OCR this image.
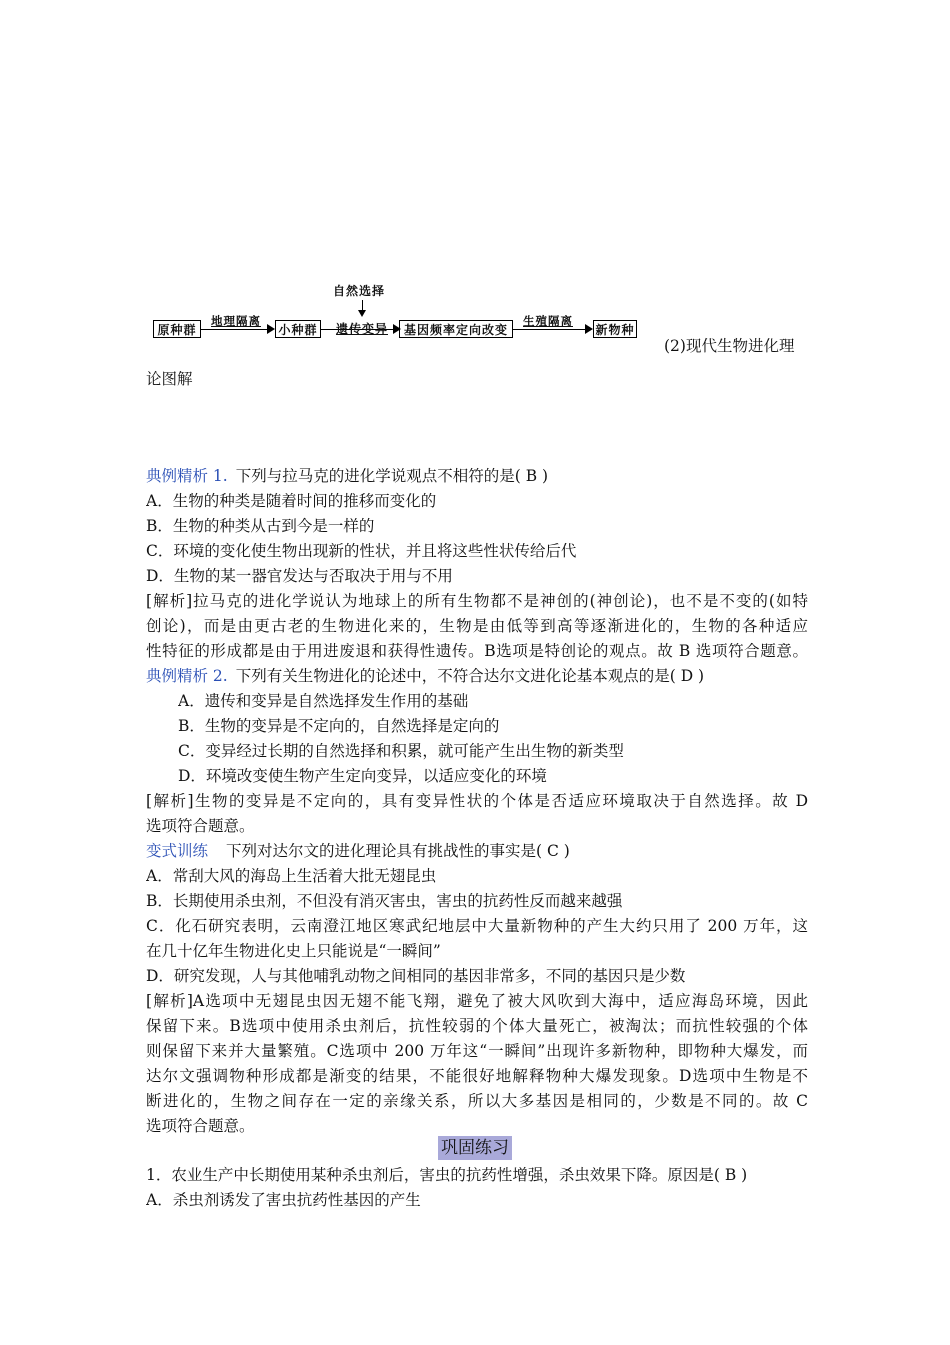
自然选择
原种群
地理隔离
小种群	遗传变异	基因频率定向改变
生殖隔离
新物种
(2)现代生物进化理
论图解
典例精析 1. 下列与拉马克的进化学说观点不相符的是( B )
A．生物的种类是随着时间的推移而变化的
B．生物的种类从古到今是一样的
C．环境的变化使生物出现新的性状，并且将这些性状传给后代
D．生物的某一器官发达与否取决于用与不用
[解析]拉马克的进化学说认为地球上的所有生物都不是神创的(神创论)，也不是不变的(如特
创论)，而是由更古老的生物进化来的，生物是由低等到高等逐渐进化的，生物的各种适应
性特征的形成都是由于用进废退和获得性遗传。B选项是特创论的观点。故 B 选项符合题意。
典例精析 2. 下列有关生物进化的论述中，不符合达尔文进化论基本观点的是( D )
A．遗传和变异是自然选择发生作用的基础
B．生物的变异是不定向的，自然选择是定向的
C．变异经过长期的自然选择和积累，就可能产生出生物的新类型
D．环境改变使生物产生定向变异，以适应变化的环境
[解析]生物的变异是不定向的，具有变异性状的个体是否适应环境取决于自然选择。故 D
选项符合题意。
变式训练 下列对达尔文的进化理论具有挑战性的事实是( C )
A．常刮大风的海岛上生活着大批无翅昆虫
B．长期使用杀虫剂，不但没有消灭害虫，害虫的抗药性反而越来越强
C．化石研究表明，云南澄江地区寒武纪地层中大量新物种的产生大约只用了 200 万年，这
在几十亿年生物进化史上只能说是“一瞬间”
D．研究发现，人与其他哺乳动物之间相同的基因非常多，不同的基因只是少数
[解析]A选项中无翅昆虫因无翅不能飞翔，避免了被大风吹到大海中，适应海岛环境，因此
保留下来。B选项中使用杀虫剂后，抗性较弱的个体大量死亡，被淘汰；而抗性较强的个体
则保留下来并大量繁殖。C选项中 200 万年这“一瞬间”出现许多新物种，即物种大爆发，而
达尔文强调物种形成都是渐变的结果，不能很好地解释物种大爆发现象。D选项中生物是不
断进化的，生物之间存在一定的亲缘关系，所以大多基因是相同的，少数是不同的。故 C
选项符合题意。
巩固练习
1．农业生产中长期使用某种杀虫剂后，害虫的抗药性增强，杀虫效果下降。原因是( B )
A．杀虫剂诱发了害虫抗药性基因的产生
